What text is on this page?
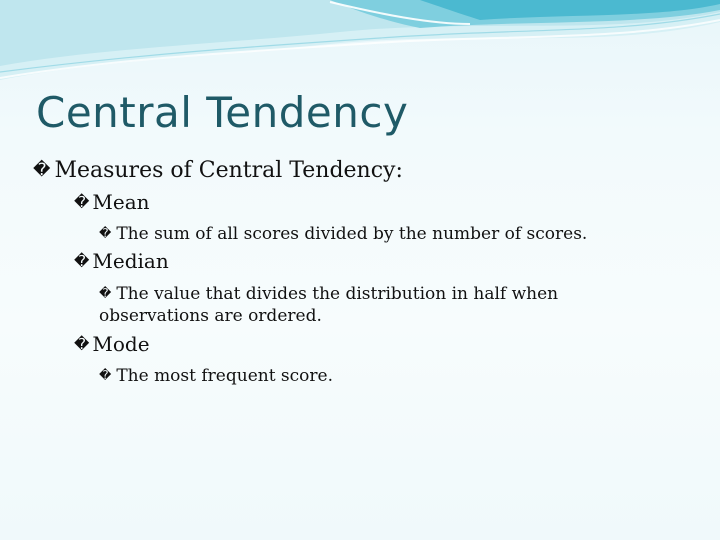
Central Tendency
� Measures of Central Tendency:
� Mean
� The sum of all scores divided by the number of scores.
� Median
� The value that divides the distribution in half when observations are ordered.
� Mode
� The most frequent score.
